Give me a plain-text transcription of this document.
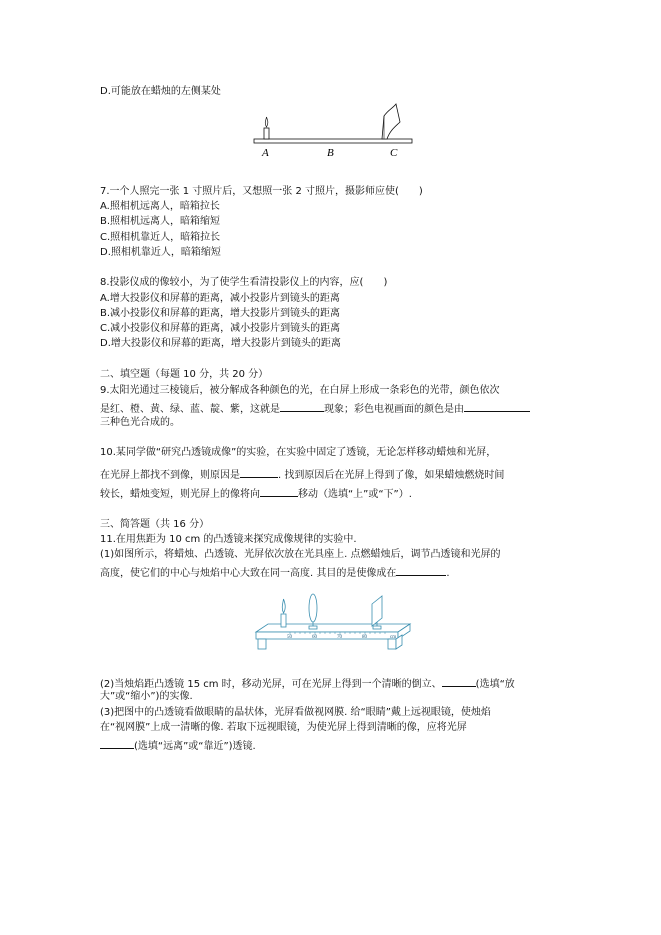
D.可能放在蜡烛的左侧某处
A	B	C
7.一个人照完一张 1 寸照片后，又想照一张 2 寸照片，摄影师应使(　　)
A.照相机远离人，暗箱拉长
B.照相机远离人，暗箱缩短
C.照相机靠近人，暗箱拉长
D.照相机靠近人，暗箱缩短
8.投影仪成的像较小，为了使学生看清投影仪上的内容，应(　　)
A.增大投影仪和屏幕的距离，减小投影片到镜头的距离
B.减小投影仪和屏幕的距离，增大投影片到镜头的距离
C.减小投影仪和屏幕的距离，减小投影片到镜头的距离
D.增大投影仪和屏幕的距离，增大投影片到镜头的距离
二、填空题（每题 10 分，共 20 分）
9.太阳光通过三棱镜后，被分解成各种颜色的光，在白屏上形成一条彩色的光带，颜色依次
是红、橙、黄、绿、蓝、靛、紫，这就是	现象；彩色电视画面的颜色是由
三种色光合成的。
10.某同学做“研究凸透镜成像”的实验，在实验中固定了透镜，无论怎样移动蜡烛和光屏，
在光屏上都找不到像，则原因是	. 找到原因后在光屏上得到了像，如果蜡烛燃烧时间
较长，蜡烛变短，则光屏上的像将向	移动（选填“上”或“下”）.
三、简答题（共 16 分）
11.在用焦距为 10 cm 的凸透镜来探究成像规律的实验中.
(1)如图所示，将蜡烛、凸透镜、光屏依次放在光具座上. 点燃蜡烛后，调节凸透镜和光屏的
高度，使它们的中心与烛焰中心大致在同一高度. 其目的是使像成在	.
50	60	70	80	cm
(2)当烛焰距凸透镜 15 cm 时，移动光屏，可在光屏上得到一个清晰的倒立、	(选填“放
大”或“缩小”)的实像.
(3)把图中的凸透镜看做眼睛的晶状体，光屏看做视网膜. 给“眼睛”戴上远视眼镜，使烛焰
在“视网膜”上成一清晰的像. 若取下远视眼镜，为使光屏上得到清晰的像，应将光屏
(选填“远离”或“靠近”)透镜.
